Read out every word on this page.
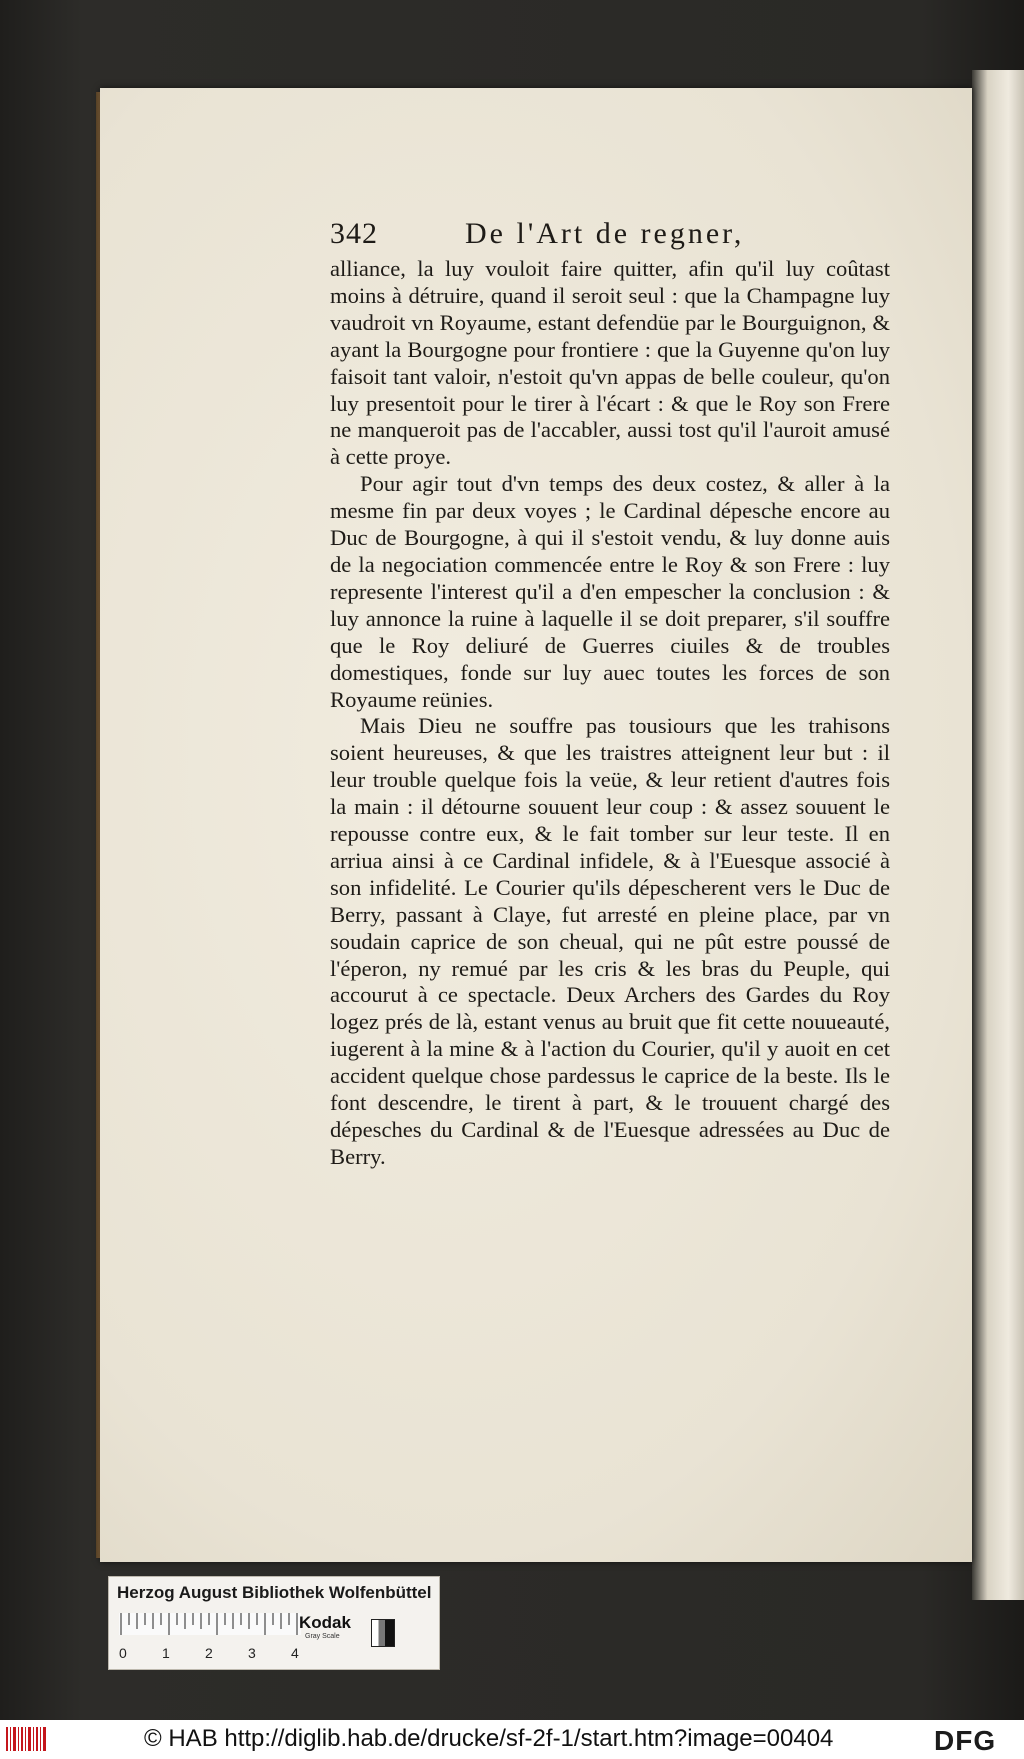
342	De l'Art de regner,

alliance, la luy vouloit faire quitter, afin qu'il luy coûtast moins à détruire, quand il seroit seul : que la Champagne luy vaudroit vn Royaume, estant defendüe par le Bourguignon, & ayant la Bourgogne pour frontiere : que la Guyenne qu'on luy faisoit tant valoir, n'estoit qu'vn appas de belle couleur, qu'on luy presentoit pour le tirer à l'écart : & que le Roy son Frere ne manqueroit pas de l'accabler, aussi tost qu'il l'auroit amusé à cette proye.

Pour agir tout d'vn temps des deux costez, & aller à la mesme fin par deux voyes ; le Cardinal dépesche encore au Duc de Bourgogne, à qui il s'estoit vendu, & luy donne auis de la negociation commencée entre le Roy & son Frere : luy represente l'interest qu'il a d'en empescher la conclusion : & luy annonce la ruine à laquelle il se doit preparer, s'il souffre que le Roy deliuré de Guerres ciuiles & de troubles domestiques, fonde sur luy auec toutes les forces de son Royaume reünies.

Mais Dieu ne souffre pas tousiours que les trahisons soient heureuses, & que les traistres atteignent leur but : il leur trouble quelque fois la veüe, & leur retient d'autres fois la main : il détourne souuent leur coup : & assez souuent le repousse contre eux, & le fait tomber sur leur teste. Il en arriua ainsi à ce Cardinal infidele, & à l'Euesque associé à son infidelité. Le Courier qu'ils dépescherent vers le Duc de Berry, passant à Claye, fut arresté en pleine place, par vn soudain caprice de son cheual, qui ne pût estre poussé de l'éperon, ny remué par les cris & les bras du Peuple, qui accourut à ce spectacle. Deux Archers des Gardes du Roy logez prés de là, estant venus au bruit que fit cette nouueauté, iugerent à la mine & à l'action du Courier, qu'il y auoit en cet accident quelque chose pardessus le caprice de la beste. Ils le font descendre, le tirent à part, & le trouuent chargé des dépesches du Cardinal & de l'Euesque adressées au Duc de Berry.

Herzog August Bibliothek Wolfenbüttel
0	1	2	3	4
Kodak
Gray Scale
© HAB http://diglib.hab.de/drucke/sf-2f-1/start.htm?image=00404	DFG
